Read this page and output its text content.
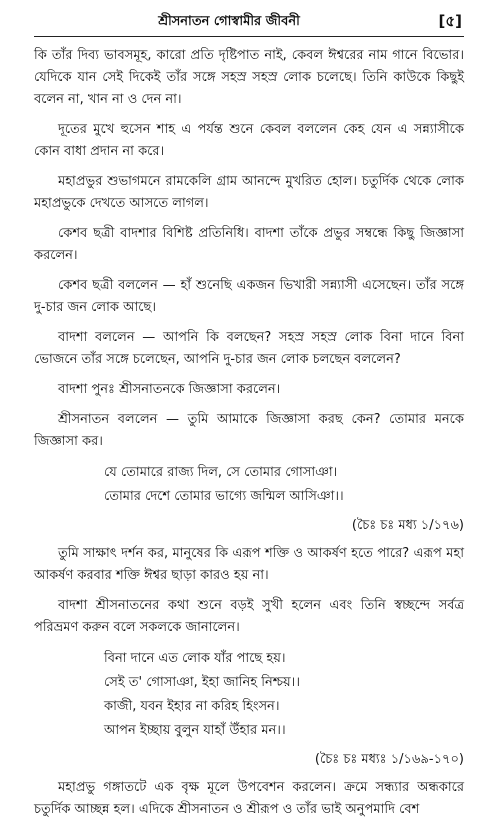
শ্রীসনাতন গোস্বামীর জীবনী	[৫]

কি তাঁর দিব্য ভাবসমূহ, কারো প্রতি দৃষ্টিপাত নাই, কেবল ঈশ্বরের নাম গানে বিভোর। যেদিকে যান সেই দিকেই তাঁর সঙ্গে সহস্র সহস্র লোক চলেছে। তিনি কাউকে কিছুই বলেন না, খান না ও দেন না।

দূতের মুখে হুসেন শাহ এ পর্যন্ত শুনে কেবল বললেন কেহ যেন এ সন্ন্যাসীকে কোন বাধা প্রদান না করে।

মহাপ্রভুর শুভাগমনে রামকেলি গ্রাম আনন্দে মুখরিত হোল। চতুর্দিক থেকে লোক মহাপ্রভুকে দেখতে আসতে লাগল।

কেশব ছত্রী বাদশার বিশিষ্ট প্রতিনিধি। বাদশা তাঁকে প্রভুর সম্বন্ধে কিছু জিজ্ঞাসা করলেন।

কেশব ছত্রী বললেন — হাঁ শুনেছি একজন ভিখারী সন্ন্যাসী এসেছেন। তাঁর সঙ্গে দু-চার জন লোক আছে।

বাদশা বললেন — আপনি কি বলছেন? সহস্র সহস্র লোক বিনা দানে বিনা ভোজনে তাঁর সঙ্গে চলেছেন, আপনি দু-চার জন লোক চলছেন বললেন?

বাদশা পুনঃ শ্রীসনাতনকে জিজ্ঞাসা করলেন।

শ্রীসনাতন বললেন — তুমি আমাকে জিজ্ঞাসা করছ কেন? তোমার মনকে জিজ্ঞাসা কর।

যে তোমারে রাজ্য দিল, সে তোমার গোসাঞা।
তোমার দেশে তোমার ভাগ্যে জন্মিল আসিঞা।।
(চৈঃ চঃ মধ্য ১/১৭৬)

তুমি সাক্ষাৎ দর্শন কর, মানুষের কি এরূপ শক্তি ও আকর্ষণ হতে পারে? এরূপ মহা আকর্ষণ করবার শক্তি ঈশ্বর ছাড়া কারও হয় না।

বাদশা শ্রীসনাতনের কথা শুনে বড়ই সুখী হলেন এবং তিনি স্বচ্ছন্দে সর্বত্র পরিভ্রমণ করুন বলে সকলকে জানালেন।

বিনা দানে এত লোক যাঁর পাছে হয়।
সেই ত' গোসাঞা, ইহা জানিহ নিশ্চয়।।
কাজী, যবন ইহার না করিহ হিংসন।
আপন ইচ্ছায় বুলুন যাহাঁ উঁহার মন।।
(চৈঃ চঃ মধ্যঃ ১/১৬৯-১৭০)

মহাপ্রভু গঙ্গাতটে এক বৃক্ষ মূলে উপবেশন করলেন। ক্রমে সন্ধ্যার অন্ধকারে চতুর্দিক আচ্ছন্ন হল। এদিকে শ্রীসনাতন ও শ্রীরূপ ও তাঁর ভাই অনুপমাদি বেশ
